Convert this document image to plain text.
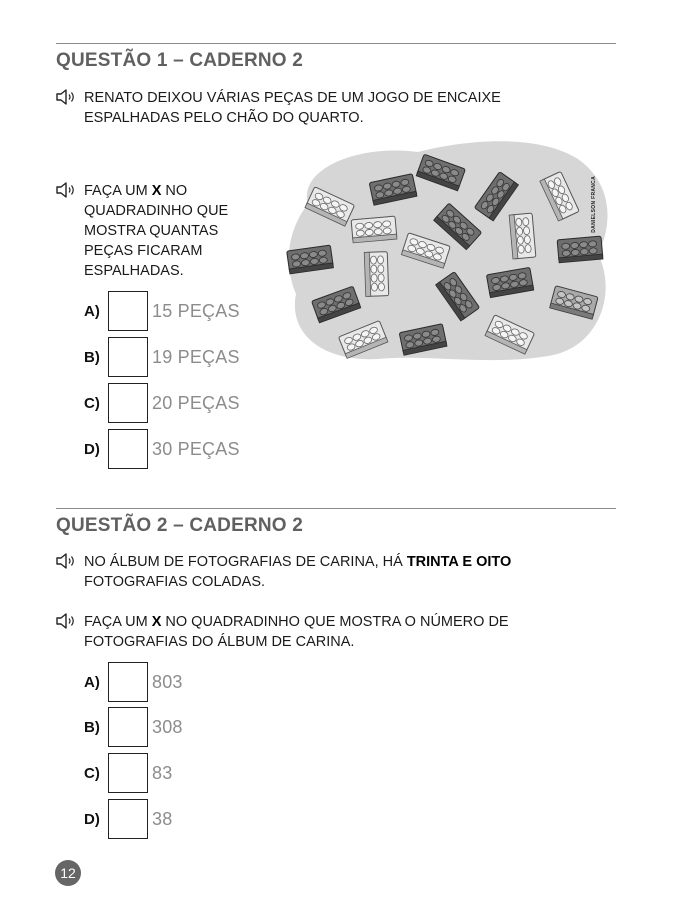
QUESTÃO 1 – CADERNO 2
RENATO DEIXOU VÁRIAS PEÇAS DE UM JOGO DE ENCAIXE ESPALHADAS PELO CHÃO DO QUARTO.
FAÇA UM X NO QUADRADINHO QUE MOSTRA QUANTAS PEÇAS FICARAM ESPALHADAS.
DANIELSON FRANCA
A)	15 PEÇAS
B)	19 PEÇAS
C)	20 PEÇAS
D)	30 PEÇAS
QUESTÃO 2 – CADERNO 2
NO ÁLBUM DE FOTOGRAFIAS DE CARINA, HÁ TRINTA E OITO FOTOGRAFIAS COLADAS.
FAÇA UM X NO QUADRADINHO QUE MOSTRA O NÚMERO DE FOTOGRAFIAS DO ÁLBUM DE CARINA.
A)	803
B)	308
C)	83
D)	38
12
